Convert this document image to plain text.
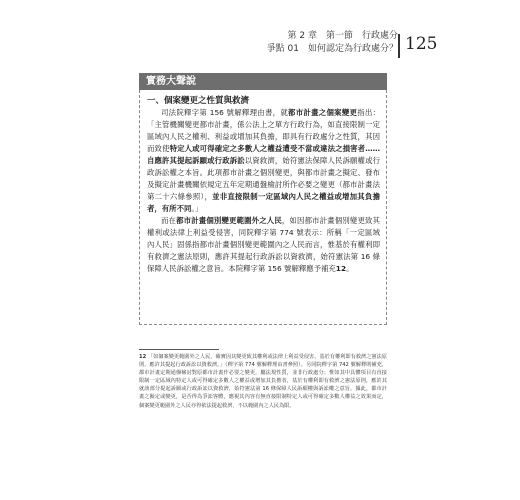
第 2 章　第一節　行政處分
爭點 01　如何認定為行政處分？ 125
實務大聲說
一、個案變更之性質與救濟

司法院釋字第 156 號解釋理由書，就都市計畫之個案變更指出：「主管機關變更都市計畫，係公法上之單方行政行為，如直接限制一定區域內人民之權利、利益或增加其負擔，即具有行政處分之性質，其因而致使特定人或可得確定之多數人之權益遭受不當或違法之損害者……自應許其提起訴願或行政訴訟以資救濟，始符憲法保障人民訴願權或行政訴訟權之本旨。此項都市計畫之個別變更，與都市計畫之擬定、發布及擬定計畫機關依規定五年定期通盤檢討所作必要之變更（都市計畫法第二十六條參照），並非直接限制一定區域內人民之權益或增加其負擔者，有所不同。」

而在都市計畫個別變更範圍外之人民，如因都市計畫個別變更致其權利或法律上利益受侵害，同院釋字第 774 號表示：所稱「一定區域內人民」固係指都市計畫個別變更範圍內之人民而言，惟基於有權利即有救濟之憲法原則，應許其提起行政訴訟以資救濟，始符憲法第 16 條保障人民訴訟權之意旨。本院釋字第 156 號解釋應予補充12。

12 「如個案變更範圍外之人民，確實因其變更致其權利或法律上利益受侵害，基於有權利即有救濟之憲法原則，應許其提起行政訴訟以資救濟。」（釋字第 774 號解釋理由書參照）。另同院釋字第 742 號解釋則補充，都市計畫定期通盤檢討對原都市計畫作必要之變更，屬法規性質，並非行政處分；惟如其中具體項目有直接限制一定區域內特定人或可得確定多數人之權益或增加其負擔者，基於有權利即有救濟之憲法原則，應許其就該部分提起訴願或行政訴訟以資救濟，始符憲法第 16 條保障人民訴願權與訴訟權之意旨。據此，都市計畫之擬定或變更，是否得為爭訟客體，應視其內容有無直接限制特定人或可得確定多數人權益之效果而定，個案變更範圍外之人民亦得依法提起救濟，不以範圍內之人民為限。
